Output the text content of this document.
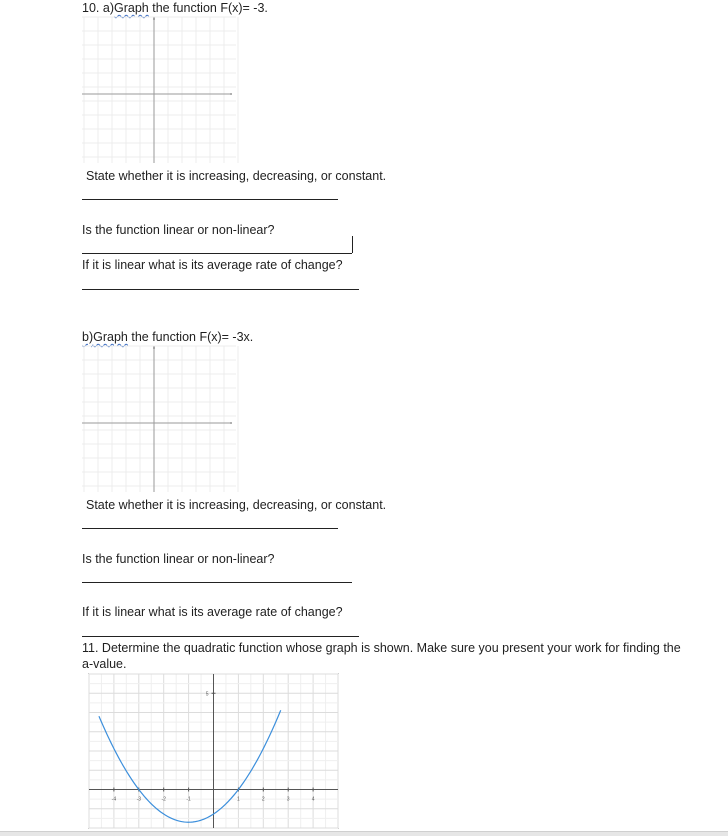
10. a)Graph the function F(x)= -3.
State whether it is increasing, decreasing, or constant.
Is the function linear or non-linear?
If it is linear what is its average rate of change?
b)Graph the function F(x)= -3x.
State whether it is increasing, decreasing, or constant.
Is the function linear or non-linear?
If it is linear what is its average rate of change?
11. Determine the quadratic function whose graph is shown. Make sure you present your work for finding the a-value.
-4	-3	-2	-1	1	2	3	4
5
